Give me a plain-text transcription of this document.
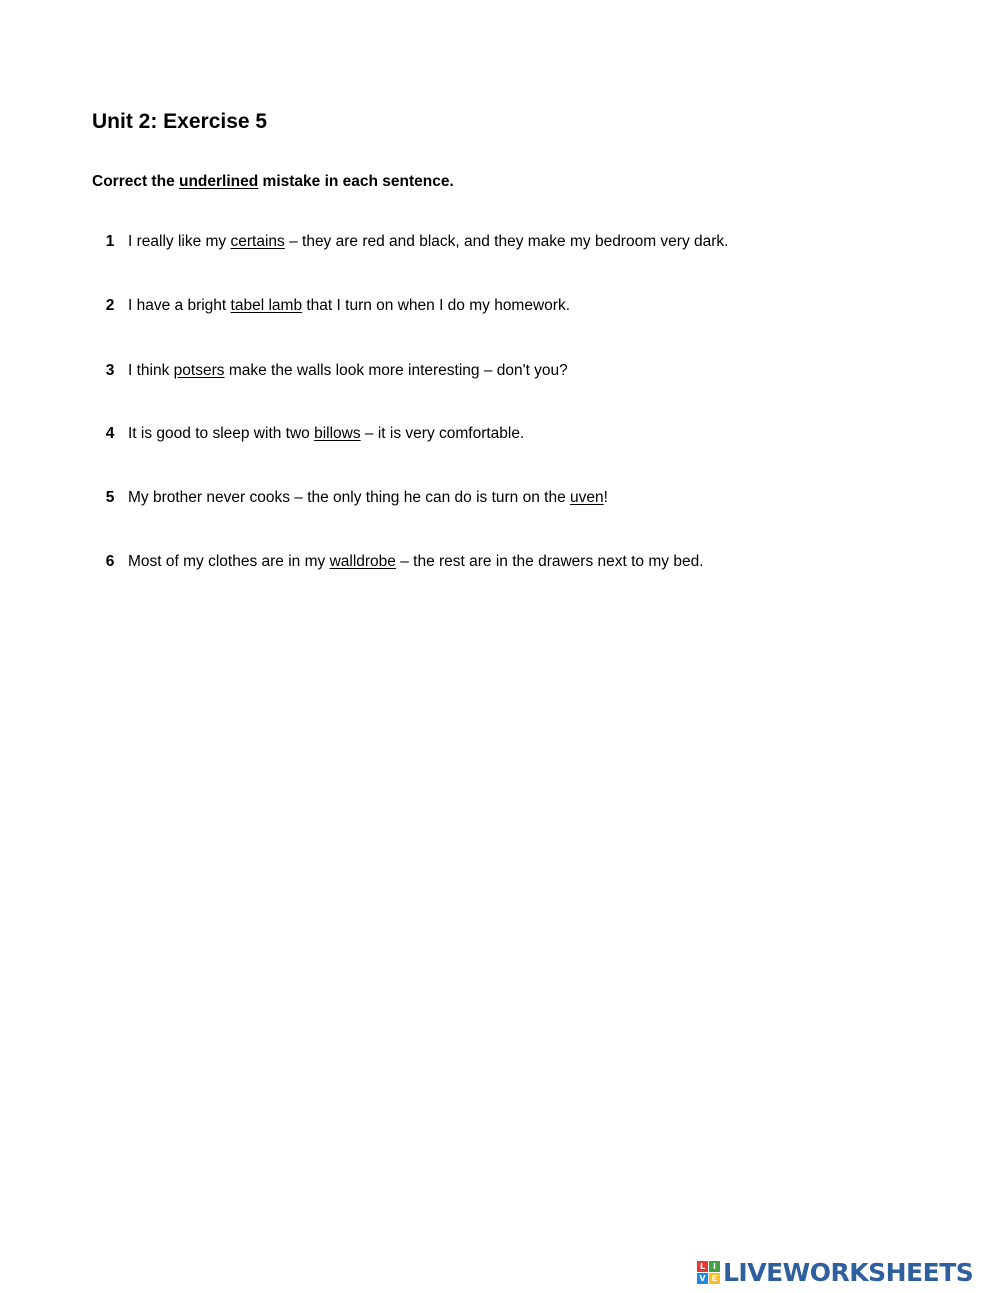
Unit 2: Exercise 5

Correct the underlined mistake in each sentence.

1 I really like my certains – they are red and black, and they make my bedroom very dark.
2 I have a bright tabel lamb that I turn on when I do my homework.
3 I think potsers make the walls look more interesting – don't you?
4 It is good to sleep with two billows – it is very comfortable.
5 My brother never cooks – the only thing he can do is turn on the uven!
6 Most of my clothes are in my walldrobe – the rest are in the drawers next to my bed.
L I
V E LIVEWORKSHEETS
